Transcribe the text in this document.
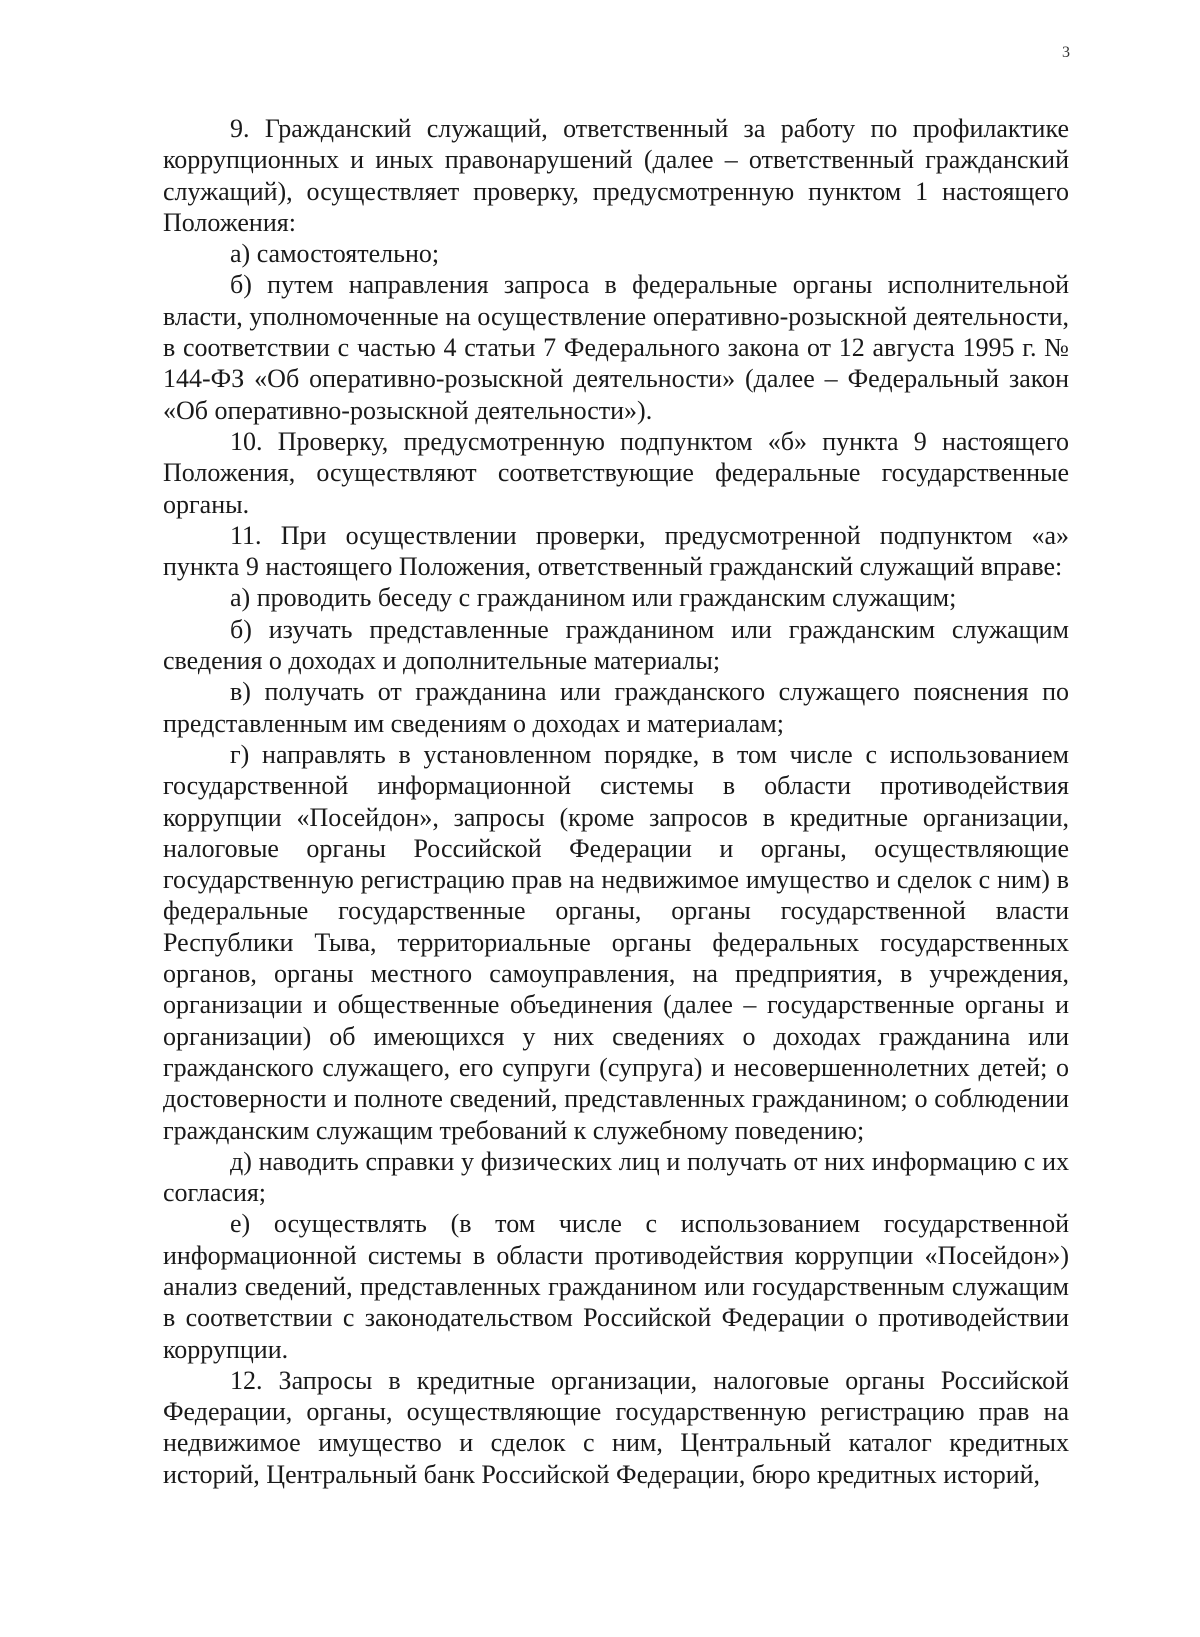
3

9. Гражданский служащий, ответственный за работу по профилактике коррупционных и иных правонарушений (далее – ответственный гражданский служащий), осуществляет проверку, предусмотренную пунктом 1 настоящего Положения:

а) самостоятельно;

б) путем направления запроса в федеральные органы исполнительной власти, уполномоченные на осуществление оперативно-розыскной деятельности, в соответствии с частью 4 статьи 7 Федерального закона от 12 августа 1995 г. № 144-ФЗ «Об оперативно-розыскной деятельности» (далее – Федеральный закон «Об оперативно-розыскной деятельности»).

10. Проверку, предусмотренную подпунктом «б» пункта 9 настоящего Положения, осуществляют соответствующие федеральные государственные органы.

11. При осуществлении проверки, предусмотренной подпунктом «а» пункта 9 настоящего Положения, ответственный гражданский служащий вправе:

а) проводить беседу с гражданином или гражданским служащим;

б) изучать представленные гражданином или гражданским служащим сведения о доходах и дополнительные материалы;

в) получать от гражданина или гражданского служащего пояснения по представленным им сведениям о доходах и материалам;

г) направлять в установленном порядке, в том числе с использованием государственной информационной системы в области противодействия коррупции «Посейдон», запросы (кроме запросов в кредитные организации, налоговые органы Российской Федерации и органы, осуществляющие государственную регистрацию прав на недвижимое имущество и сделок с ним) в федеральные государственные органы, органы государственной власти Республики Тыва, территориальные органы федеральных государственных органов, органы местного самоуправления, на предприятия, в учреждения, организации и общественные объединения (далее – государственные органы и организации) об имеющихся у них сведениях о доходах гражданина или гражданского служащего, его супруги (супруга) и несовершеннолетних детей; о достоверности и полноте сведений, представленных гражданином; о соблюдении гражданским служащим требований к служебному поведению;

д) наводить справки у физических лиц и получать от них информацию с их согласия;

е) осуществлять (в том числе с использованием государственной информационной системы в области противодействия коррупции «Посейдон») анализ сведений, представленных гражданином или государственным служащим в соответствии с законодательством Российской Федерации о противодействии коррупции.

12. Запросы в кредитные организации, налоговые органы Российской Федерации, органы, осуществляющие государственную регистрацию прав на недвижимое имущество и сделок с ним, Центральный каталог кредитных историй, Центральный банк Российской Федерации, бюро кредитных историй,
